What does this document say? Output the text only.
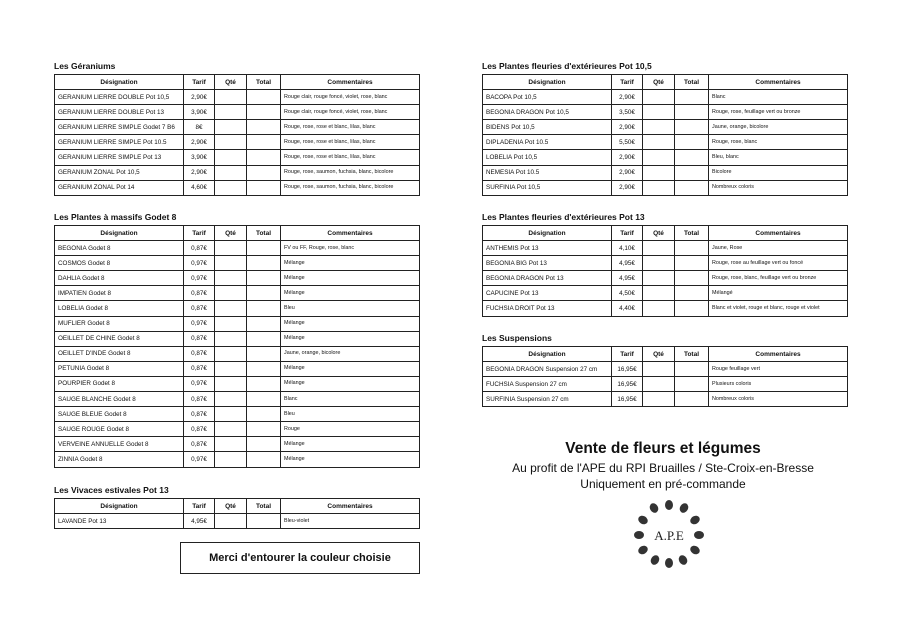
Les Géraniums
Désignation	Tarif	Qté	Total	Commentaires
GERANIUM LIERRE DOUBLE Pot 10,5	2,90€			Rouge clair, rouge foncé, violet, rose, blanc
GERANIUM LIERRE DOUBLE Pot 13	3,90€			Rouge clair, rouge foncé, violet, rose, blanc
GERANIUM LIERRE SIMPLE Godet 7 B6	8€			Rouge, rose, rose et blanc, lilas, blanc
GERANIUM LIERRE SIMPLE Pot 10.5	2,90€			Rouge, rose, rose et blanc, lilas, blanc
GERANIUM LIERRE SIMPLE Pot 13	3,90€			Rouge, rose, rose et blanc, lilas, blanc
GERANIUM ZONAL Pot 10,5	2,90€			Rouge, rose, saumon, fuchsia, blanc, bicolore
GERANIUM ZONAL Pot 14	4,60€			Rouge, rose, saumon, fuchsia, blanc, bicolore
Les Plantes à massifs Godet 8
Désignation	Tarif	Qté	Total	Commentaires
BEGONIA Godet 8	0,87€			FV ou FF, Rouge, rose, blanc
COSMOS Godet 8	0,97€			Mélange
DAHLIA Godet 8	0,97€			Mélange
IMPATIEN Godet 8	0,87€			Mélange
LOBELIA Godet 8	0,87€			Bleu
MUFLIER Godet 8	0,97€			Mélange
OEILLET DE CHINE Godet 8	0,87€			Mélange
OEILLET D'INDE Godet 8	0,87€			Jaune, orange, bicolore
PETUNIA Godet 8	0,87€			Mélange
POURPIER Godet 8	0,97€			Mélange
SAUGE BLANCHE Godet 8	0,87€			Blanc
SAUGE BLEUE Godet 8	0,87€			Bleu
SAUGE ROUGE Godet 8	0,87€			Rouge
VERVEINE ANNUELLE Godet 8	0,87€			Mélange
ZINNIA Godet 8	0,97€			Mélange
Les Vivaces estivales Pot 13
Désignation	Tarif	Qté	Total	Commentaires
LAVANDE Pot 13	4,95€			Bleu-violet
Merci d'entourer la couleur choisie
Les Plantes fleuries d'extérieures Pot 10,5
Désignation	Tarif	Qté	Total	Commentaires
BACOPA Pot 10,5	2,90€			Blanc
BEGONIA DRAGON Pot 10,5	3,50€			Rouge, rose, feuillage vert ou bronze
BIDENS Pot 10,5	2,90€			Jaune, orange, bicolore
DIPLADENIA Pot 10.5	5,50€			Rouge, rose, blanc
LOBELIA Pot 10,5	2,90€			Bleu, blanc
NEMESIA Pot 10.5	2,90€			Bicolore
SURFINIA Pot 10,5	2,90€			Nombreux coloris
Les Plantes fleuries d'extérieures Pot 13
Désignation	Tarif	Qté	Total	Commentaires
ANTHEMIS Pot 13	4,10€			Jaune, Rose
BEGONIA BIG Pot 13	4,95€			Rouge, rose au feuillage vert ou foncé
BEGONIA DRAGON Pot 13	4,95€			Rouge, rose, blanc, feuillage vert ou bronze
CAPUCINE Pot 13	4,50€			Mélangé
FUCHSIA DROIT Pot 13	4,40€			Blanc et violet, rouge et blanc, rouge et violet
Les Suspensions
Désignation	Tarif	Qté	Total	Commentaires
BEGONIA DRAGON Suspension 27 cm	16,95€			Rouge feuillage vert
FUCHSIA Suspension 27 cm	16,95€			Plusieurs coloris
SURFINIA Suspension 27 cm	16,95€			Nombreux coloris
Vente de fleurs et légumes
Au profit de l'APE du RPI Bruailles / Ste-Croix-en-Bresse
Uniquement en pré-commande
A.P.E
